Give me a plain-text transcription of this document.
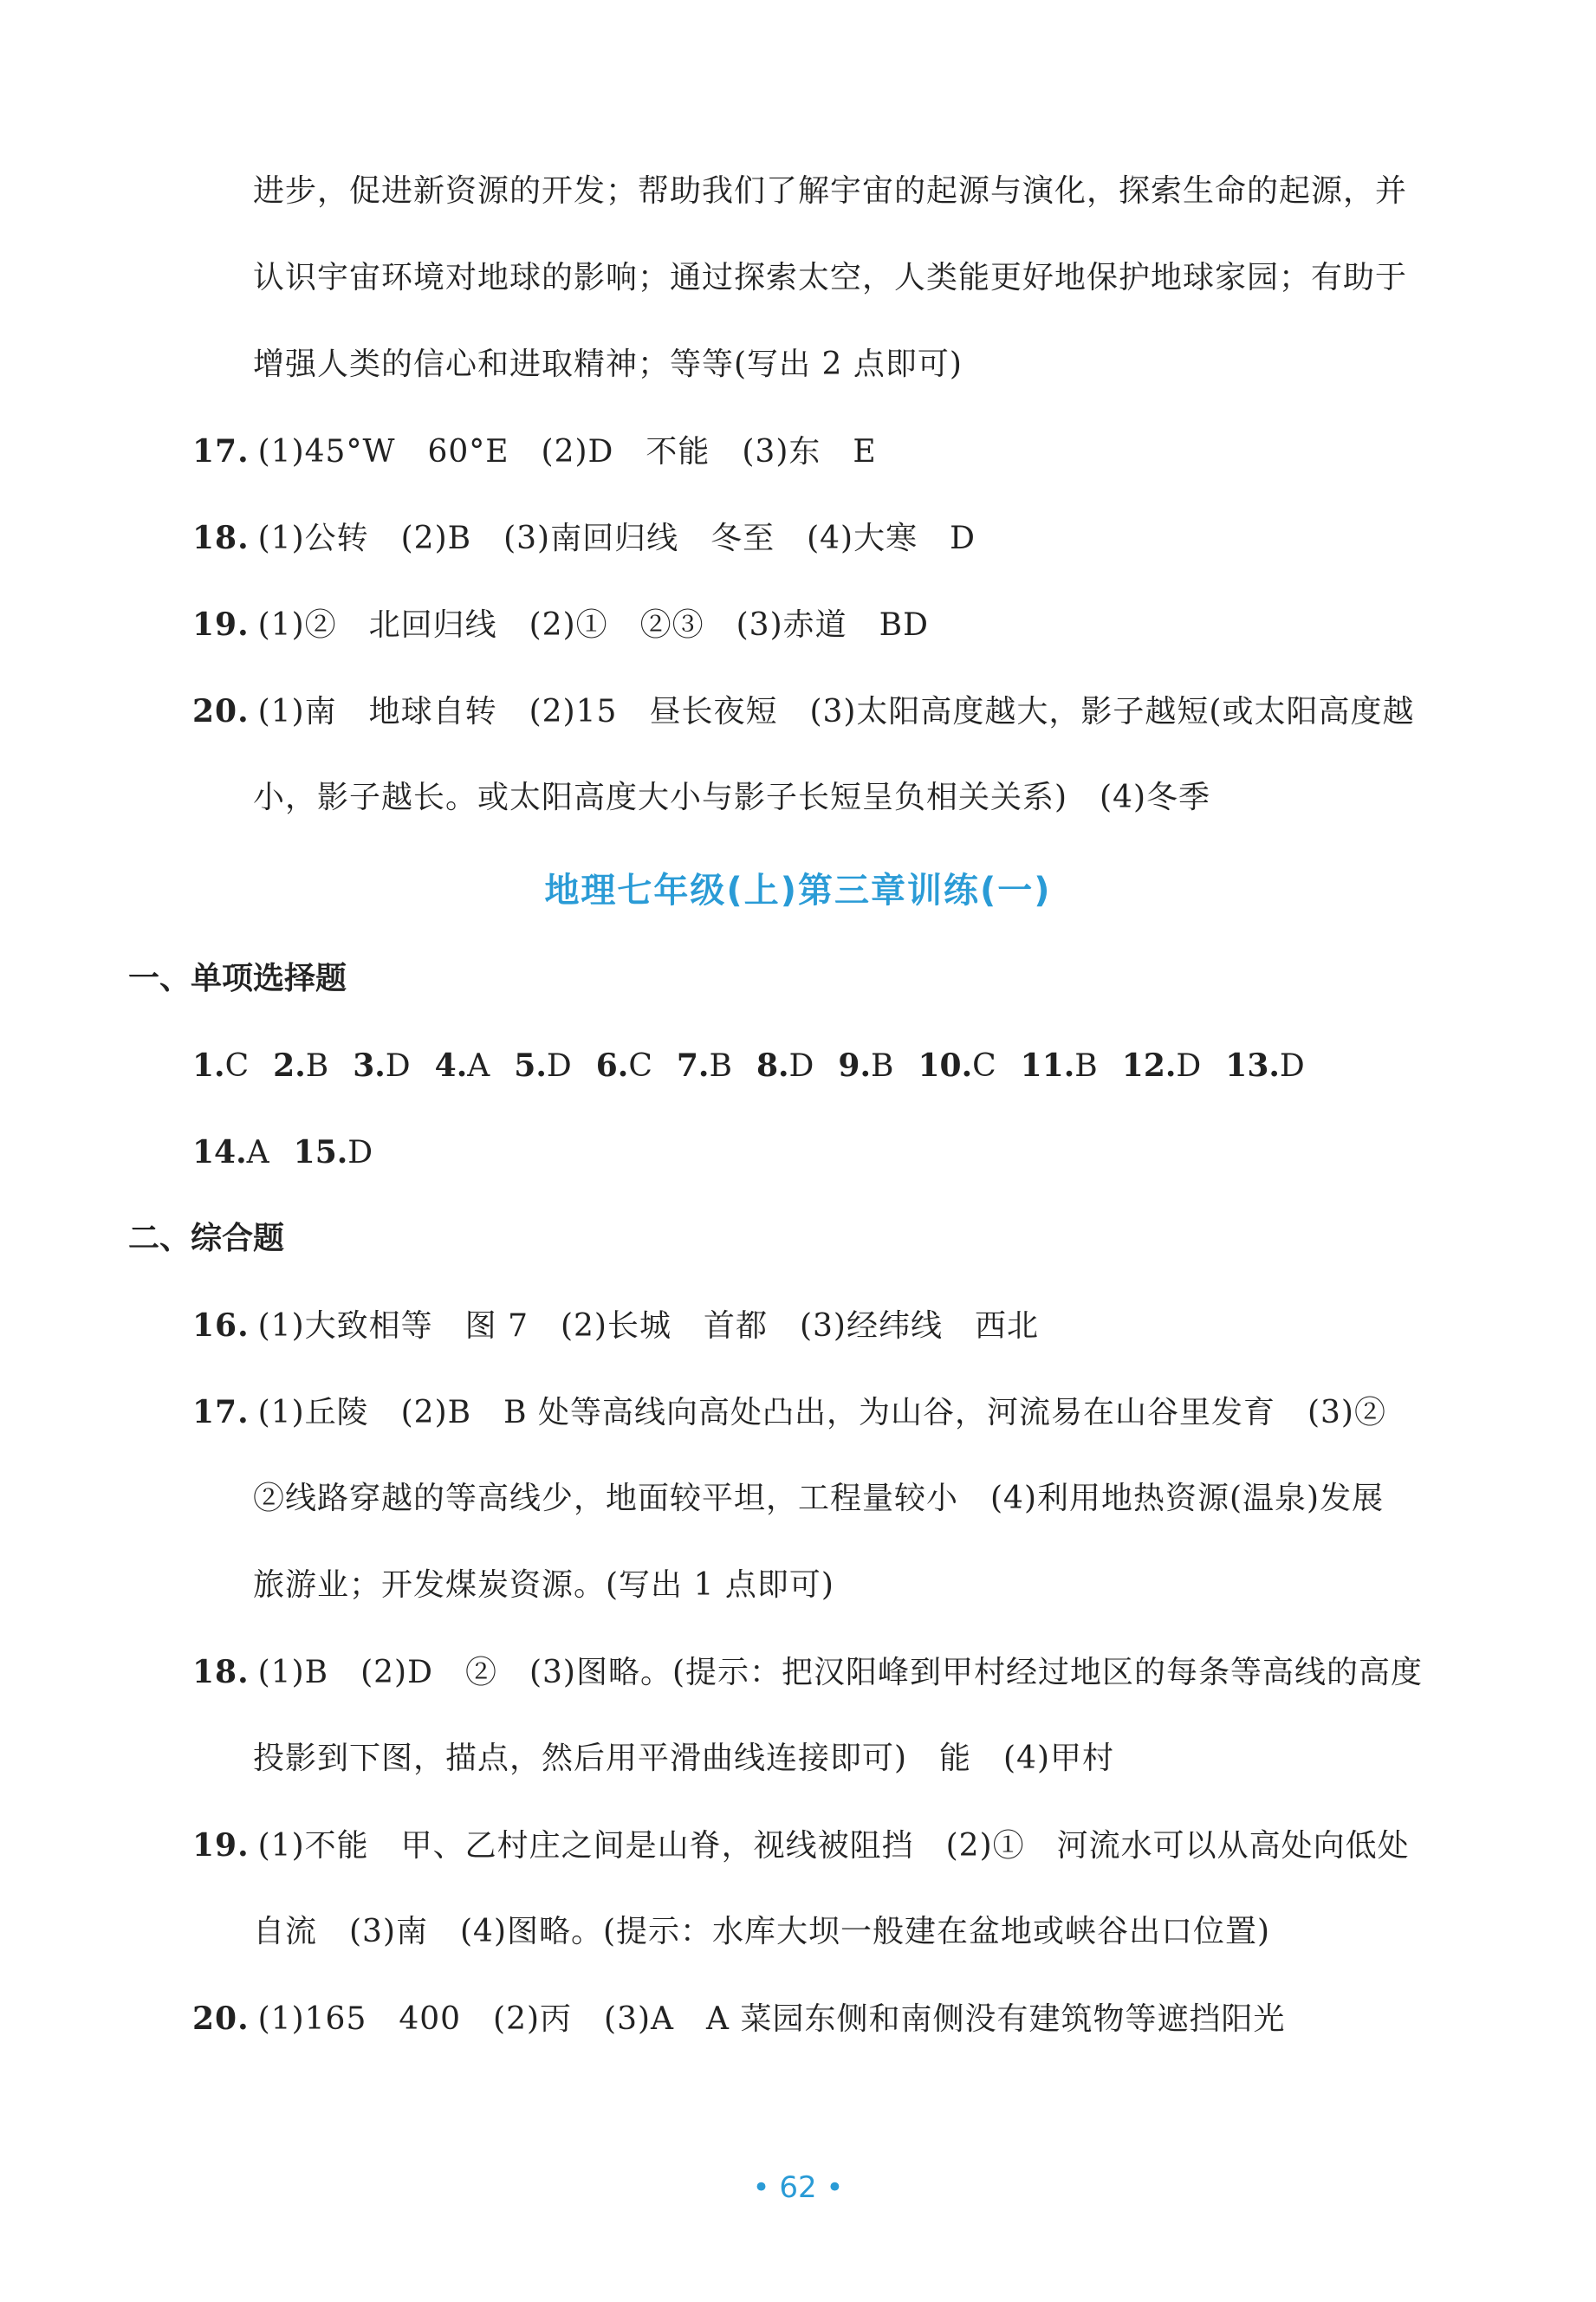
进步，促进新资源的开发；帮助我们了解宇宙的起源与演化，探索生命的起源，并
认识宇宙环境对地球的影响；通过探索太空，人类能更好地保护地球家园；有助于
增强人类的信心和进取精神；等等(写出 2 点即可)
17. (1)45°W　60°E　(2)D　不能　(3)东　E
18. (1)公转　(2)B　(3)南回归线　冬至　(4)大寒　D
19. (1)②　北回归线　(2)①　②③　(3)赤道　BD
20. (1)南　地球自转　(2)15　昼长夜短　(3)太阳高度越大，影子越短(或太阳高度越
小，影子越长。或太阳高度大小与影子长短呈负相关关系)　(4)冬季
地理七年级(上)第三章训练(一)
一、单项选择题
1.C 2.B 3.D 4.A 5.D 6.C 7.B 8.D 9.B 10.C 11.B 12.D 13.D
14.A 15.D
二、综合题
16. (1)大致相等　图 7　(2)长城　首都　(3)经纬线　西北
17. (1)丘陵　(2)B　B 处等高线向高处凸出，为山谷，河流易在山谷里发育　(3)②
②线路穿越的等高线少，地面较平坦，工程量较小　(4)利用地热资源(温泉)发展
旅游业；开发煤炭资源。(写出 1 点即可)
18. (1)B　(2)D　②　(3)图略。(提示：把汉阳峰到甲村经过地区的每条等高线的高度
投影到下图，描点，然后用平滑曲线连接即可)　能　(4)甲村
19. (1)不能　甲、乙村庄之间是山脊，视线被阻挡　(2)①　河流水可以从高处向低处
自流　(3)南　(4)图略。(提示：水库大坝一般建在盆地或峡谷出口位置)
20. (1)165　400　(2)丙　(3)A　A 菜园东侧和南侧没有建筑物等遮挡阳光
• 62 •
